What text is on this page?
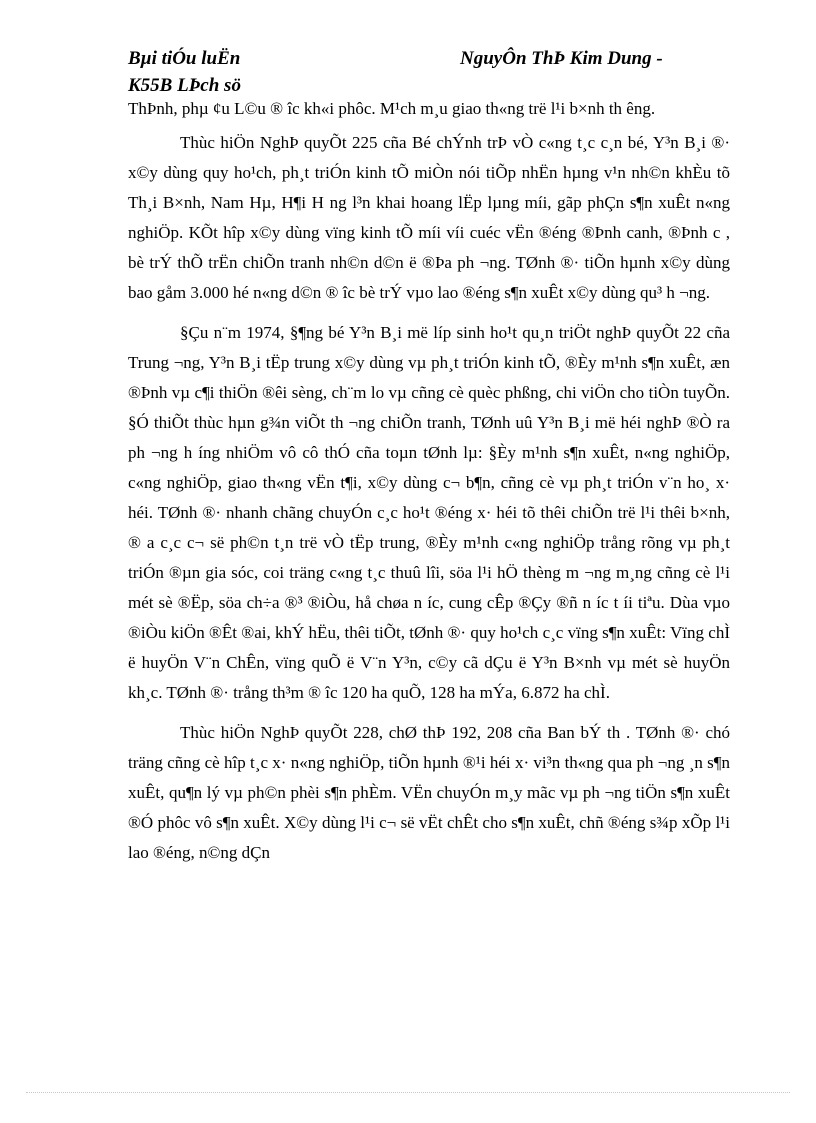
Bµi tiÓu luËn
K55B LÞch sö
NguyÔn ThÞ Kim Dung -

ThÞnh, phµ ¢u L©u ® îc kh«i phôc. M¹ch m¸u giao th«ng trë l¹i b×nh th êng.

Thùc hiÖn NghÞ quyÕt 225 cña Bé chÝnh trÞ vÒ c«ng t¸c c¸n bé, Y³n B¸i ®· x©y dùng quy ho¹ch, ph¸t triÓn kinh tÕ miÒn nói tiÕp nhËn hµng v¹n nh©n khÈu tõ Th¸i B×nh, Nam Hµ, H¶i H ng l³n khai hoang lËp lµng míi, gãp phÇn s¶n xuÊt n«ng nghiÖp. KÕt hîp x©y dùng vïng kinh tÕ míi víi cuéc vËn ®éng ®Þnh canh, ®Þnh c , bè trÝ thÕ trËn chiÕn tranh nh©n d©n ë ®Þa ph ¬ng. TØnh ®· tiÕn hµnh x©y dùng bao gåm 3.000 hé n«ng d©n ® îc bè trÝ vµo lao ®éng s¶n xuÊt x©y dùng qu³ h ¬ng.

§Çu n¨m 1974, §¶ng bé Y³n B¸i më líp sinh ho¹t qu¸n triÖt nghÞ quyÕt 22 cña Trung ¬ng, Y³n B¸i tËp trung x©y dùng vµ ph¸t triÓn kinh tÕ, ®Èy m¹nh s¶n xuÊt, æn ®Þnh vµ c¶i thiÖn ®êi sèng, ch¨m lo vµ cñng cè quèc phßng, chi viÖn cho tiÒn tuyÕn. §Ó thiÕt thùc hµn g¾n viÕt th ¬ng chiÕn tranh, TØnh uû Y³n B¸i më héi nghÞ ®Ò ra ph ¬ng h íng nhiÖm vô cô thÓ cña toµn tØnh lµ: §Èy m¹nh s¶n xuÊt, n«ng nghiÖp, c«ng nghiÖp, giao th«ng vËn t¶i, x©y dùng c¬ b¶n, cñng cè vµ ph¸t triÓn v¨n ho¸ x· héi. TØnh ®· nhanh chãng chuyÓn c¸c ho¹t ®éng x· héi tõ thêi chiÕn trë l¹i thêi b×nh, ® a c¸c c¬ së ph©n t¸n trë vÒ tËp trung, ®Èy m¹nh c«ng nghiÖp trång rõng vµ ph¸t triÓn ®µn gia sóc, coi träng c«ng t¸c thuû lîi, söa l¹i hÖ thèng m ¬ng m¸ng cñng cè l¹i mét sè ®Ëp, söa ch÷a ®³ ®iÒu, hå chøa n íc, cung cÊp ®Çy ®ñ n íc t íi tiªu. Dùa vµo ®iÒu kiÖn ®Êt ®ai, khÝ hËu, thêi tiÕt, tØnh ®· quy ho¹ch c¸c vïng s¶n xuÊt: Vïng chÌ ë huyÖn V¨n ChÊn, vïng quÕ ë V¨n Y³n, c©y cã dÇu ë Y³n B×nh vµ mét sè huyÖn kh¸c. TØnh ®· trång th³m ® îc 120 ha quÕ, 128 ha mÝa, 6.872 ha chÌ.

Thùc hiÖn NghÞ quyÕt 228, chØ thÞ 192, 208 cña Ban bÝ th . TØnh ®· chó träng cñng cè hîp t¸c x· n«ng nghiÖp, tiÕn hµnh ®¹i héi x· vi³n th«ng qua ph ¬ng ¸n s¶n xuÊt, qu¶n lý vµ ph©n phèi s¶n phÈm. VËn chuyÓn m¸y mãc vµ ph ¬ng tiÖn s¶n xuÊt ®Ó phôc vô s¶n xuÊt. X©y dùng l¹i c¬ së vËt chÊt cho s¶n xuÊt, chñ ®éng s¾p xÕp l¹i lao ®éng, n©ng dÇn
